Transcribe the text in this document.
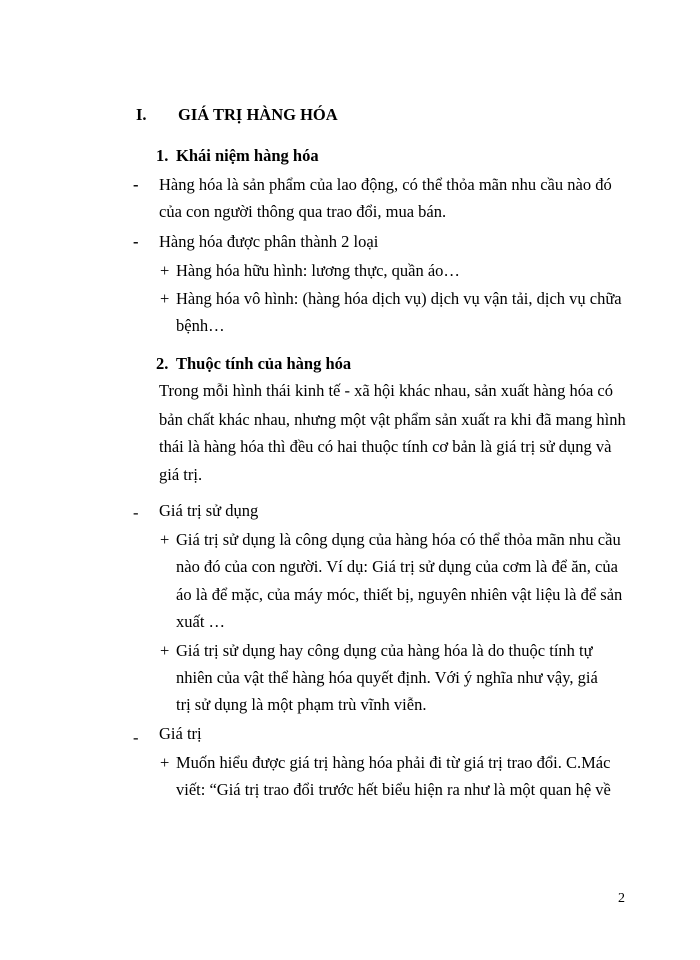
I. GIÁ TRỊ HÀNG HÓA
1. Khái niệm hàng hóa
- Hàng hóa là sản phẩm của lao động, có thể thỏa mãn nhu cầu nào đó
của con người thông qua trao đổi, mua bán.
- Hàng hóa được phân thành 2 loại
+ Hàng hóa hữu hình: lương thực, quần áo…
+ Hàng hóa vô hình: (hàng hóa dịch vụ) dịch vụ vận tải, dịch vụ chữa
bệnh…
2. Thuộc tính của hàng hóa
Trong mỗi hình thái kinh tế - xã hội khác nhau, sản xuất hàng hóa có
bản chất khác nhau, nhưng một vật phẩm sản xuất ra khi đã mang hình
thái là hàng hóa thì đều có hai thuộc tính cơ bản là giá trị sử dụng và
giá trị.
- Giá trị sử dụng
+ Giá trị sử dụng là công dụng của hàng hóa có thể thỏa mãn nhu cầu
nào đó của con người. Ví dụ: Giá trị sử dụng của cơm là để ăn, của
áo là để mặc, của máy móc, thiết bị, nguyên nhiên vật liệu là để sản
xuất …
+ Giá trị sử dụng hay công dụng của hàng hóa là do thuộc tính tự
nhiên của vật thể hàng hóa quyết định. Với ý nghĩa như vậy, giá
trị sử dụng là một phạm trù vĩnh viễn.
- Giá trị
+ Muốn hiểu được giá trị hàng hóa phải đi từ giá trị trao đổi. C.Mác
viết: “Giá trị trao đổi trước hết biểu hiện ra như là một quan hệ về
2
